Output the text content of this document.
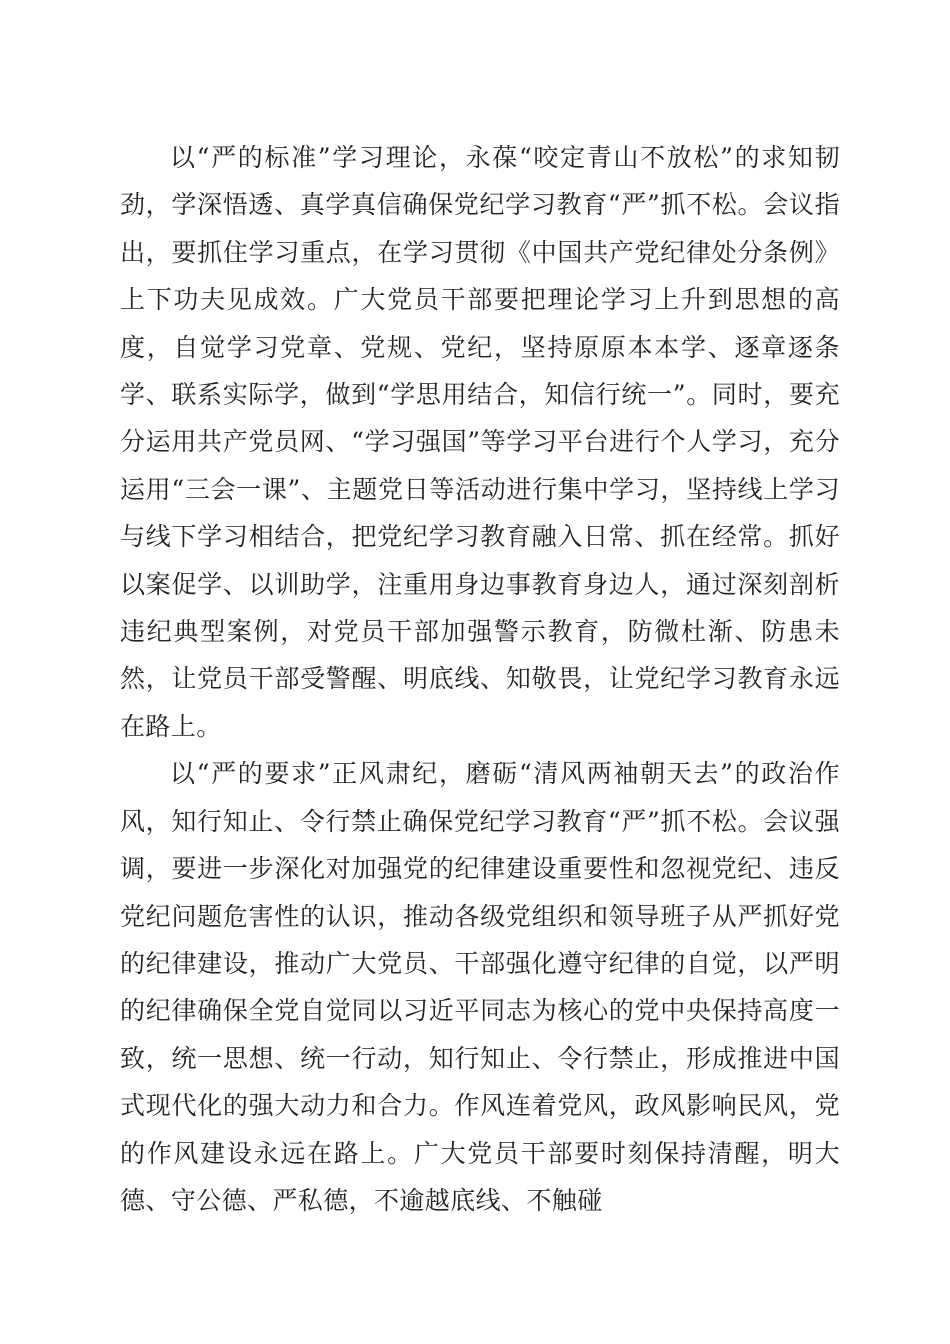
以“严的标准”学习理论，永葆“咬定青山不放松”的求知韧劲，学深悟透、真学真信确保党纪学习教育“严”抓不松。会议指出，要抓住学习重点，在学习贯彻《中国共产党纪律处分条例》上下功夫见成效。广大党员干部要把理论学习上升到思想的高度，自觉学习党章、党规、党纪，坚持原原本本学、逐章逐条学、联系实际学，做到“学思用结合，知信行统一”。同时，要充分运用共产党员网、“学习强国”等学习平台进行个人学习，充分运用“三会一课”、主题党日等活动进行集中学习，坚持线上学习与线下学习相结合，把党纪学习教育融入日常、抓在经常。抓好以案促学、以训助学，注重用身边事教育身边人，通过深刻剖析违纪典型案例，对党员干部加强警示教育，防微杜渐、防患未然，让党员干部受警醒、明底线、知敬畏，让党纪学习教育永远在路上。

以“严的要求”正风肃纪，磨砺“清风两袖朝天去”的政治作风，知行知止、令行禁止确保党纪学习教育“严”抓不松。会议强调，要进一步深化对加强党的纪律建设重要性和忽视党纪、违反党纪问题危害性的认识，推动各级党组织和领导班子从严抓好党的纪律建设，推动广大党员、干部强化遵守纪律的自觉，以严明的纪律确保全党自觉同以习近平同志为核心的党中央保持高度一致，统一思想、统一行动，知行知止、令行禁止，形成推进中国式现代化的强大动力和合力。作风连着党风，政风影响民风，党的作风建设永远在路上。广大党员干部要时刻保持清醒，明大德、守公德、严私德，不逾越底线、不触碰
